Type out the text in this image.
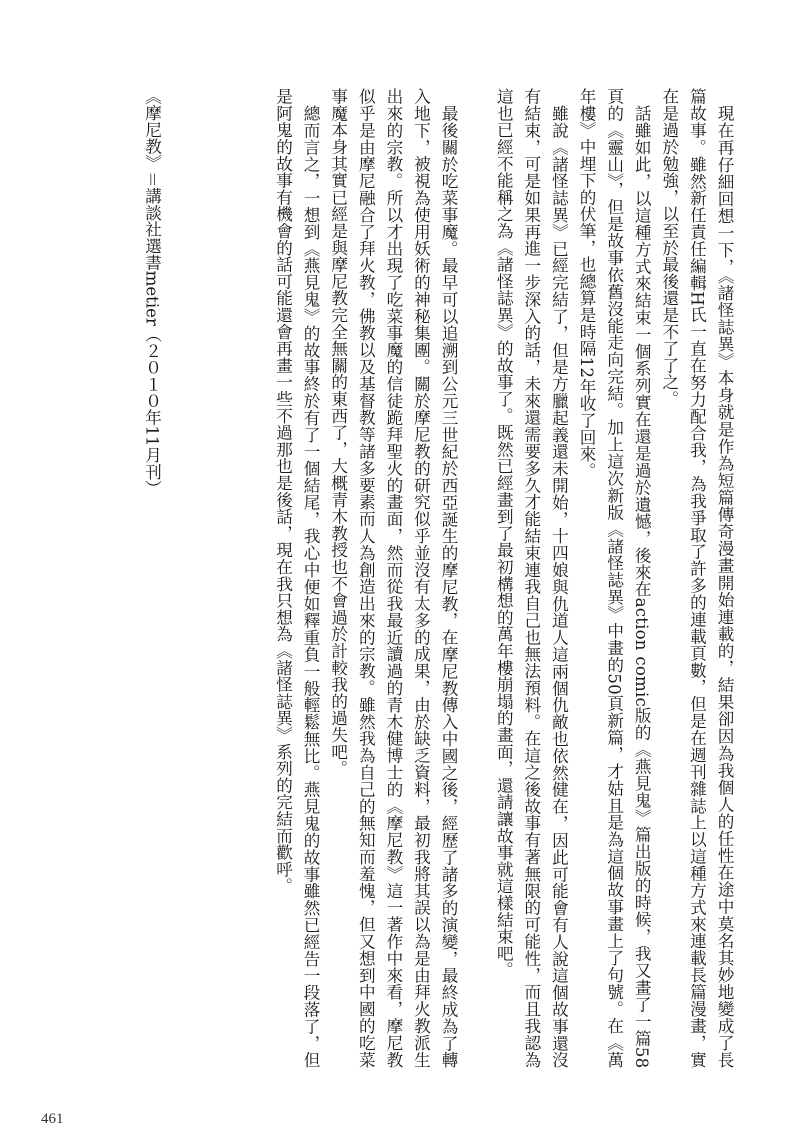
現在再仔細回想一下，《諸怪誌異》本身就是作為短篇傳奇漫畫開始連載的，結果卻因為我個人的任性在途中莫名其妙地變成了長篇故事。雖然新任責任編輯H氏一直在努力配合我，為我爭取了許多的連載頁數，但是在週刊雜誌上以這種方式來連載長篇漫畫，實在是過於勉強，以至於最後還是不了了之。

話雖如此，以這種方式來結束一個系列實在還是過於遺憾，後來在action comic版的《燕見鬼》篇出版的時候，我又畫了一篇58頁的《靈山》，但是故事依舊沒能走向完結。加上這次新版《諸怪誌異》中畫的50頁新篇，才姑且是為這個故事畫上了句號。在《萬年樓》中埋下的伏筆，也總算是時隔12年收了回來。

雖說《諸怪誌異》已經完結了，但是方臘起義還未開始，十四娘與仇道人這兩個仇敵也依然健在，因此可能會有人說這個故事還沒有結束，可是如果再進一步深入的話，未來還需要多久才能結束連我自己也無法預料。在這之後故事有著無限的可能性，而且我認為這也已經不能稱之為《諸怪誌異》的故事了。既然已經畫到了最初構想的萬年樓崩塌的畫面，還請讓故事就這樣結束吧。

最後關於吃菜事魔。最早可以追溯到公元三世紀於西亞誕生的摩尼教，在摩尼教傳入中國之後，經歷了諸多的演變，最終成為了轉入地下，被視為使用妖術的神秘集團。關於摩尼教的研究似乎並沒有太多的成果，由於缺乏資料，最初我將其誤以為是由拜火教派生出來的宗教。所以才出現了吃菜事魔的信徒跪拜聖火的畫面，然而從我最近讀過的青木健博士的《摩尼教》這一著作中來看，摩尼教似乎是由摩尼融合了拜火教，佛教以及基督教等諸多要素而人為創造出來的宗教。雖然我為自己的無知而羞愧，但又想到中國的吃菜事魔本身其實已經是與摩尼教完全無關的東西了，大概青木教授也不會過於計較我的過失吧。

總而言之，一想到《燕見鬼》的故事終於有了一個結尾，我心中便如釋重負一般輕鬆無比。燕見鬼的故事雖然已經告一段落了，但是阿鬼的故事有機會的話可能還會再畫一些不過那也是後話，現在我只想為《諸怪誌異》系列的完結而歡呼。

《摩尼教》＝講談社選書metier（２０１０年11月刊）
461
